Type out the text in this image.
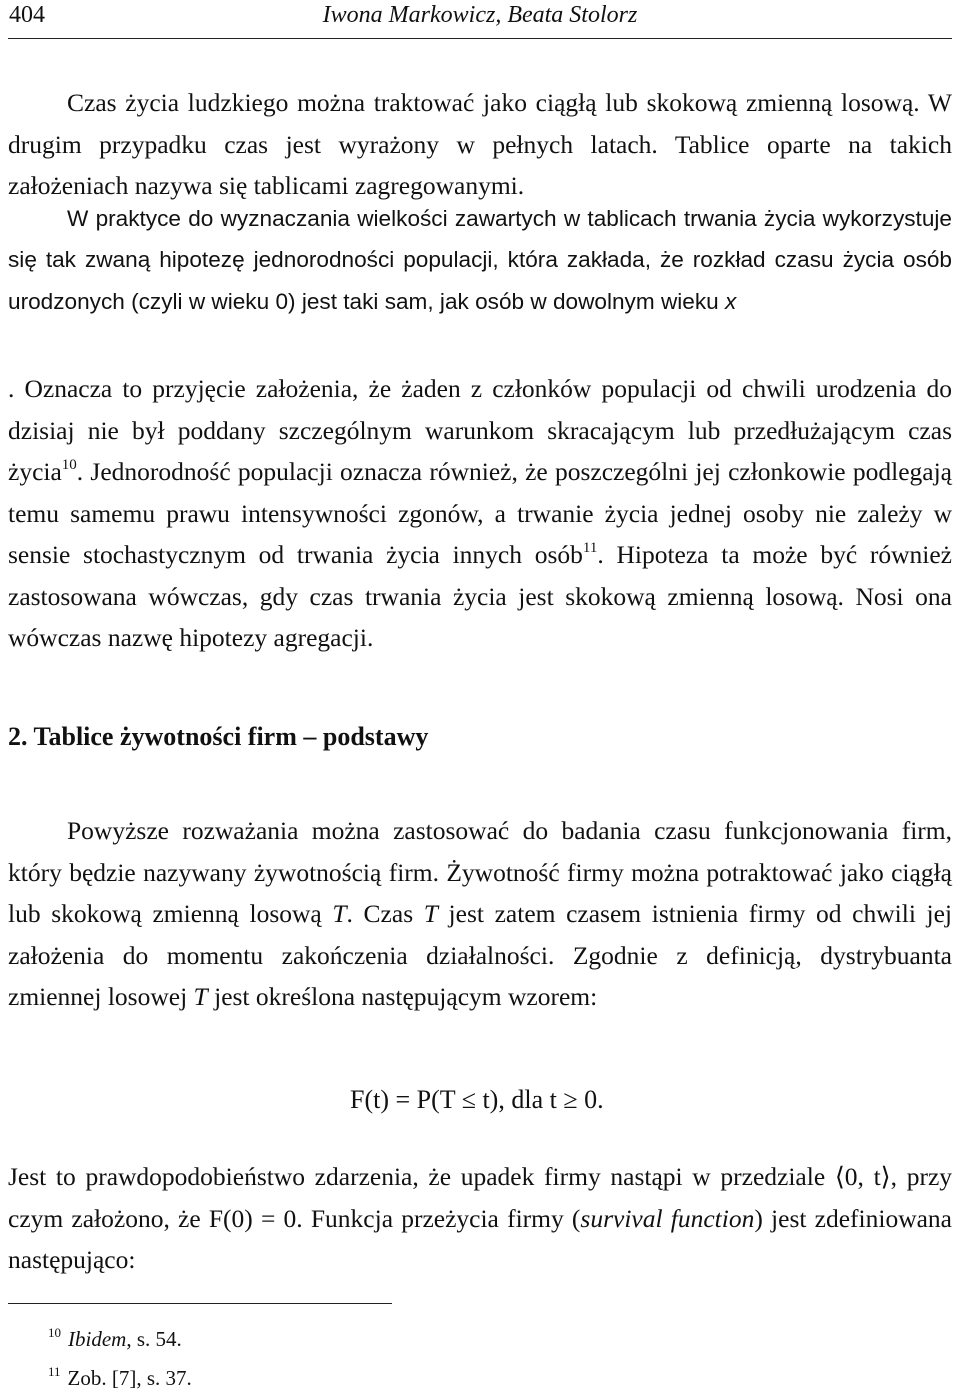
404	Iwona Markowicz, Beata Stolorz

Czas życia ludzkiego można traktować jako ciągłą lub skokową zmienną losową. W drugim przypadku czas jest wyrażony w pełnych latach. Tablice oparte na takich założeniach nazywa się tablicami zagregowanymi.

W praktyce do wyznaczania wielkości zawartych w tablicach trwania życia wykorzystuje się tak zwaną hipotezę jednorodności populacji, która zakłada, że rozkład czasu życia osób urodzonych (czyli w wieku 0) jest taki sam, jak osób w dowolnym wieku x

. Oznacza to przyjęcie założenia, że żaden z członków populacji od chwili urodzenia do dzisiaj nie był poddany szczególnym warunkom skracającym lub przedłużającym czas życia$^{10}$. Jednorodność populacji oznacza również, że poszczególni jej członkowie podlegają temu samemu prawu intensywności zgonów, a trwanie życia jednej osoby nie zależy w sensie stochastycznym od trwania życia innych osób$^{11}$. Hipoteza ta może być również zastosowana wówczas, gdy czas trwania życia jest skokową zmienną losową. Nosi ona wówczas nazwę hipotezy agregacji.

2. Tablice żywotności firm – podstawy

Powyższe rozważania można zastosować do badania czasu funkcjonowania firm, który będzie nazywany żywotnością firm. Żywotność firmy można potraktować jako ciągłą lub skokową zmienną losową T. Czas T jest zatem czasem istnienia firmy od chwili jej założenia do momentu zakończenia działalności. Zgodnie z definicją, dystrybuanta zmiennej losowej T jest określona następującym wzorem:

F(t) = P(T ≤ t), dla t ≥ 0.

Jest to prawdopodobieństwo zdarzenia, że upadek firmy nastąpi w przedziale ⟨0, t⟩, przy czym założono, że F(0) = 0. Funkcja przeżycia firmy (survival function) jest zdefiniowana następująco:

$^{10}$ Ibidem, s. 54.
$^{11}$ Zob. [7], s. 37.
